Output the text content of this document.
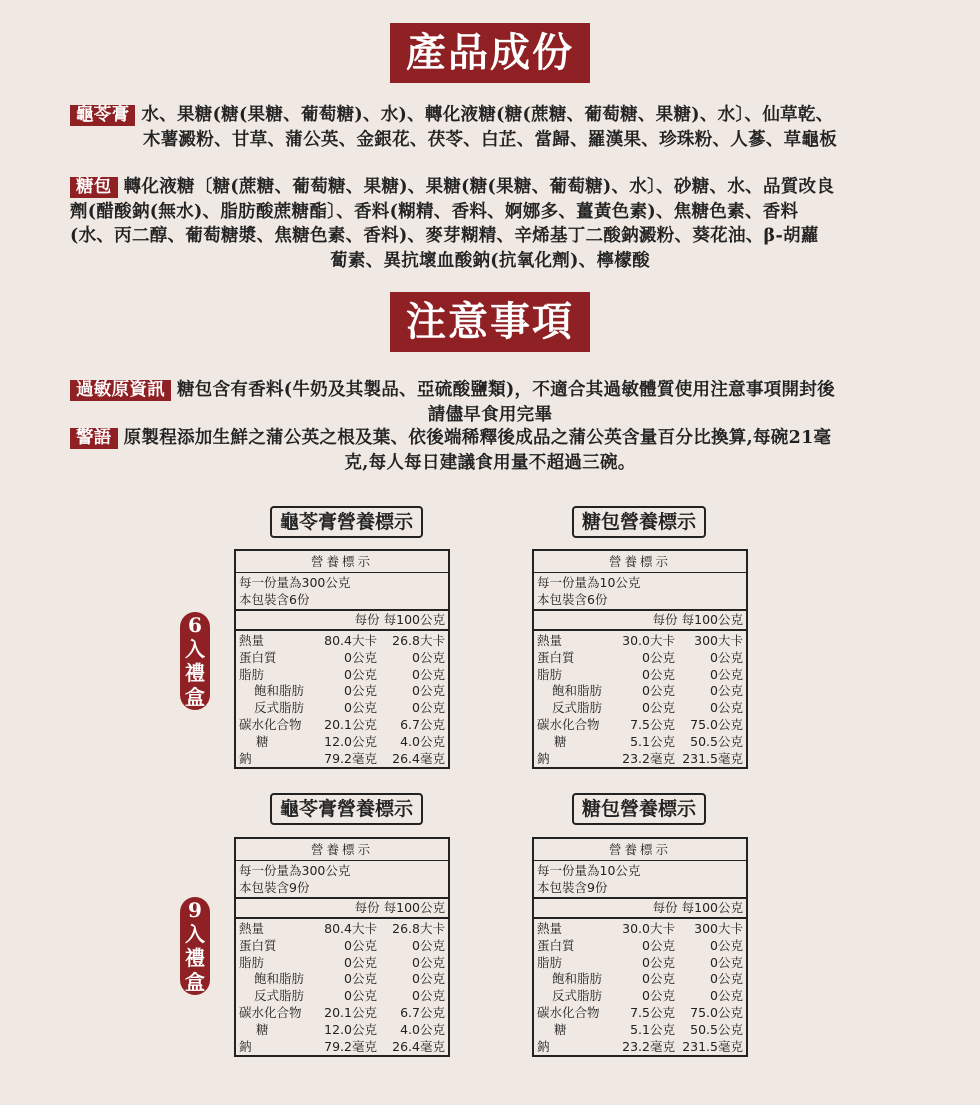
產品成份
龜苓膏 水、果糖(糖(果糖、葡萄糖)、水)、轉化液糖(糖(蔗糖、葡萄糖、果糖)、水〕、仙草乾、
木薯澱粉、甘草、蒲公英、金銀花、茯苓、白芷、當歸、羅漢果、珍珠粉、人蔘、草龜板
糖包 轉化液糖〔糖(蔗糖、葡萄糖、果糖)、果糖(糖(果糖、葡萄糖)、水〕、砂糖、水、品質改良
劑(醋酸鈉(無水)、脂肪酸蔗糖酯〕、香料(糊精、香料、婀娜多、薑黃色素)、焦糖色素、香料
(水、丙二醇、葡萄糖漿、焦糖色素、香料)、麥芽糊精、辛烯基丁二酸鈉澱粉、葵花油、β-胡蘿
蔔素、異抗壞血酸鈉(抗氧化劑)、檸檬酸
注意事項
過敏原資訊 糖包含有香料(牛奶及其製品、亞硫酸鹽類)，不適合其過敏體質使用注意事項開封後
請儘早食用完畢
警語 原製程添加生鮮之蒲公英之根及葉、依後端稀釋後成品之蒲公英含量百分比換算,每碗21毫
克,每人每日建議食用量不超過三碗。
龜苓膏營養標示	糖包營養標示
6
入
禮
盒
營養標示
每一份量為300公克
本包裝含6份
每份 每100公克
熱量	80.4大卡	26.8大卡
蛋白質	0公克	0公克
脂肪	0公克	0公克
飽和脂肪	0公克	0公克
反式脂肪	0公克	0公克
碳水化合物	20.1公克	6.7公克
糖	12.0公克	4.0公克
鈉	79.2毫克	26.4毫克
營養標示
每一份量為10公克
本包裝含6份
每份 每100公克
熱量	30.0大卡	300大卡
蛋白質	0公克	0公克
脂肪	0公克	0公克
飽和脂肪	0公克	0公克
反式脂肪	0公克	0公克
碳水化合物	7.5公克	75.0公克
糖	5.1公克	50.5公克
鈉	23.2毫克 231.5毫克
龜苓膏營養標示	糖包營養標示
9
入
禮
盒
營養標示
每一份量為300公克
本包裝含9份
每份 每100公克
熱量	80.4大卡	26.8大卡
蛋白質	0公克	0公克
脂肪	0公克	0公克
飽和脂肪	0公克	0公克
反式脂肪	0公克	0公克
碳水化合物	20.1公克	6.7公克
糖	12.0公克	4.0公克
鈉	79.2毫克	26.4毫克
營養標示
每一份量為10公克
本包裝含9份
每份 每100公克
熱量	30.0大卡	300大卡
蛋白質	0公克	0公克
脂肪	0公克	0公克
飽和脂肪	0公克	0公克
反式脂肪	0公克	0公克
碳水化合物	7.5公克	75.0公克
糖	5.1公克	50.5公克
鈉	23.2毫克 231.5毫克
